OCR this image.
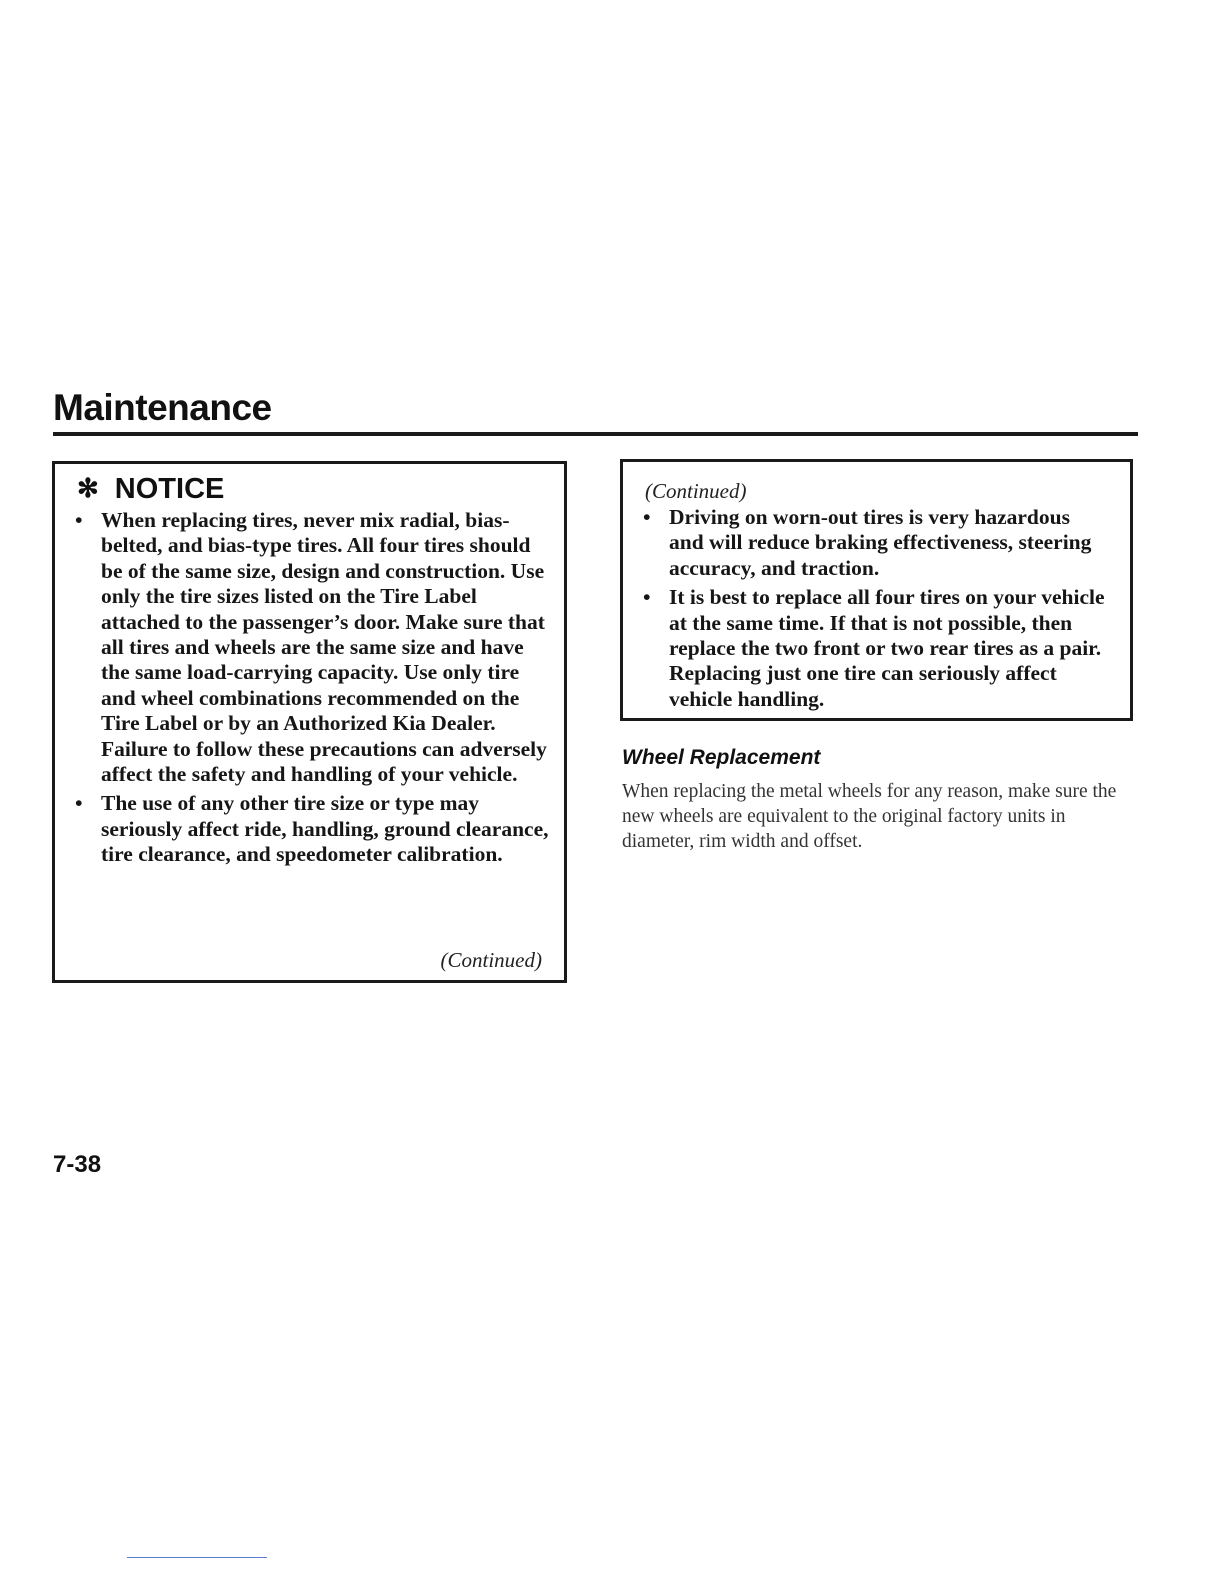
Maintenance
✻ NOTICE
• When replacing tires, never mix radial, bias-belted, and bias-type tires. All four tires should be of the same size, design and construction. Use only the tire sizes listed on the Tire Label attached to the passenger’s door. Make sure that all tires and wheels are the same size and have the same load-carrying capacity. Use only tire and wheel combinations recommended on the Tire Label or by an Authorized Kia Dealer. Failure to follow these precautions can adversely affect the safety and handling of your vehicle.
• The use of any other tire size or type may seriously affect ride, handling, ground clearance, tire clearance, and speedometer calibration.
(Continued)
(Continued)
• Driving on worn-out tires is very hazardous and will reduce braking effectiveness, steering accuracy, and traction.
• It is best to replace all four tires on your vehicle at the same time. If that is not possible, then replace the two front or two rear tires as a pair. Replacing just one tire can seriously affect vehicle handling.
Wheel Replacement

When replacing the metal wheels for any reason, make sure the new wheels are equivalent to the original factory units in diameter, rim width and offset.

7-38
